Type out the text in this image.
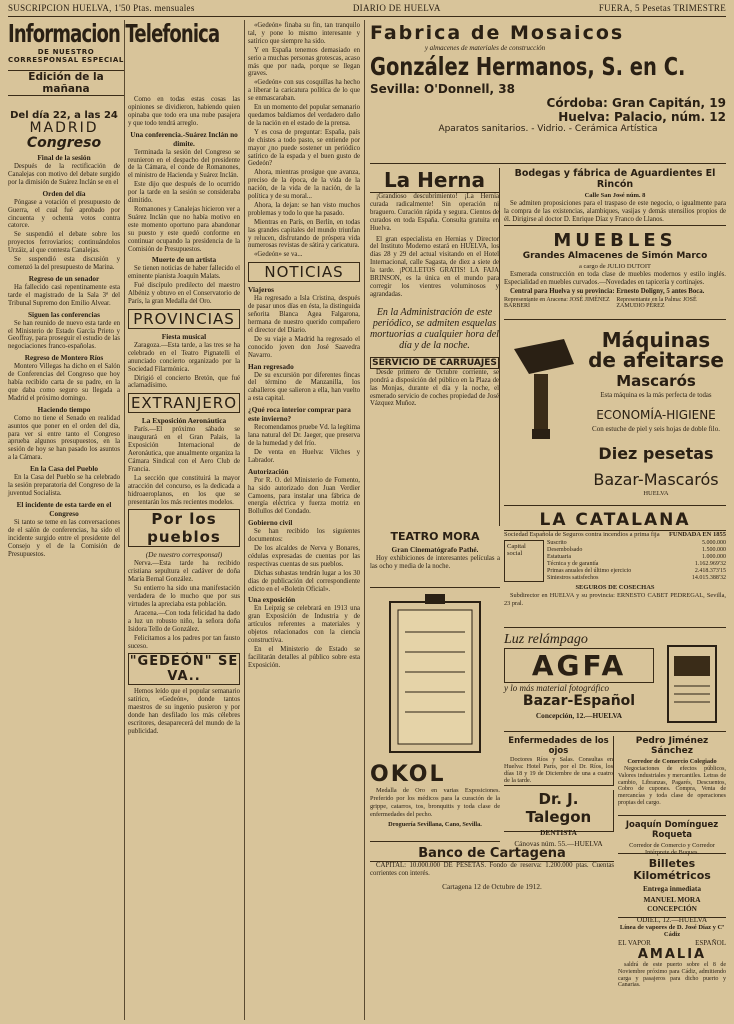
SUSCRIPCION HUELVA, 1'50 Ptas. mensuales	DIARIO DE HUELVA	FUERA, 5 Pesetas TRIMESTRE
Informacion Telefonica
DE NUESTRO CORRESPONSAL ESPECIAL
Edición de la mañana
Del día 22, a las 24
MADRID
Congreso
Final de la sesión

Después de la rectificación de Canalejas con motivo del debate surgido por la dimisión de Suárez Inclán se en el

Orden del día

Póngase a votación el presupuesto de Guerra, el cual fué aprobado por cincuenta y ochenta votos contra catorce.

Se suspendió el debate sobre los proyectos ferroviarios; continuándolos Urzáiz, al que contesta Canalejas.

Se suspendió esta discusión y comenzó la del presupuesto de Marina.

Regreso de un senador

Ha fallecido casi repentinamente esta tarde el magistrado de la Sala 3ª del Tribunal Supremo don Emilio Alvear.

Siguen las conferencias

Se han reunido de nuevo esta tarde en el Ministerio de Estado García Prieto y Geoffray, para proseguir el estudio de las negociaciones franco-españolas.

Regreso de Montero Ríos

Montero Villegas ha dicho en el Salón de Conferencias del Congreso que hoy había recibido carta de su padre, en la que daba como seguro su llegada a Madrid el próximo domingo.

Haciendo tiempo

Como no tiene el Senado en realidad asuntos que poner en el orden del día, para ver si entre tanto el Congreso aprueba algunos presupuestos, en la sesión de hoy se han pasado los asuntos a la Cámara.

En la Casa del Pueblo

En la Casa del Pueblo se ha celebrado la sesión preparatoria del Congreso de la juventud Socialista.

El incidente de esta tarde en el Congreso

Si tanto se teme en las conversaciones de el salón de conferencias, ha sido el incidente surgido entre el presidente del Consejo y el de la Comisión de Presupuestos.

Como en todas estas cosas las opiniones se dividieron, habiendo quien opinaba que todo era una nube pasajera y que todo tendrá arreglo.

Una conferencia.-Suárez Inclán no dimite.

Terminada la sesión del Congreso se reunieron en el despacho del presidente de la Cámara, el conde de Romanones, el ministro de Hacienda y Suárez Inclán.

Este dijo que después de lo ocurrido por la tarde en la sesión se consideraba dimitido.

Romanones y Canalejas hicieron ver a Suárez Inclán que no había motivo en este momento oportuno para abandonar su puesto y este quedó conforme en continuar ocupando la presidencia de la Comisión de Presupuestos.

Muerte de un artista

Se tienen noticias de haber fallecido el eminente pianista Joaquín Malats.

Fué discípulo predilecto del maestro Albéniz y obtuvo en el Conservatorio de París, la gran Medalla del Oro.

PROVINCIAS
Fiesta musical

Zaragoza.—Esta tarde, a las tres se ha celebrado en el Teatro Pignatelli el anunciado concierto organizado por la Sociedad Filarmónica.

Dirigió el concierto Bretón, que fué aclamadísimo.

EXTRANJERO
La Exposición Aeronáutica

París.—El próximo sábado se inaugurará en el Gran Palais, la Exposición Internacional de Aeronáutica, que anualmente organiza la Cámara Sindical con el Aero Club de Francia.

La sección que constituirá la mayor atracción del concurso, es la dedicada a hidroaeroplanos, en los que se presentarán los más recientes modelos.

Por los pueblos
(De nuestro corresponsal)

Nerva.—Esta tarde ha recibido cristiana sepultura el cadáver de doña María Bernal González.

Su entierro ha sido una manifestación verdadera de lo mucho que por sus virtudes la apreciaba esta población.

Aracena.—Con toda felicidad ha dado a luz un robusto niño, la señora doña Isidora Tello de González.

Felicitamos a los padres por tan fausto suceso.

"GEDEÓN" SE VA..

Hemos leído que el popular semanario satírico, «Gedeón», donde tantos maestros de su ingenio pusieron y por donde han desfilado los más célebres escritores, desaparecerá del mundo de la publicidad.

«Gedeón» finaba su fin, tan tranquilo tal, y pone lo mismo interesante y satírico que siempre ha sido.

Y en España tenemos demasiado en serio a muchas personas grotescas, acaso más que por nada, porque se llegan graves.

«Gedeón» con sus cosquillas ha hecho a liberar la caricatura política de lo que se enmascaraban.

En un momento del popular semanario quedamos baldíamos del verdadero daño de la nación en el estado de la prensa.

Y es cosa de preguntar: España, país de chistes a todo pasto, se entiende por mayor ¿no puede sostener un periódico satírico de la espada y el buen gusto de Gedeón?

Ahora, mientras prosigue que avanza, preciso de la época, de la vida de la nación, de la vida de la nación, de la política y de su moral...

Ahora, la dejan: se han visto muchos problemas y todo lo que ha pasado.

Mientras en París, en Berlín, en todas las grandes capitales del mundo triunfan y relucen, disfrutando de próspera vida numerosas revistas de sátira y caricatura.

«Gedeón» se va...

NOTICIAS
Viajeros

Ha regresado a Isla Cristina, después de pasar unos días en ésta, la distinguida señorita Blanca Agea Falgarona, hermana de nuestro querido compañero el director del Diario.

De su viaje a Madrid ha regresado el conocido joven don José Saavedra Navarro.

Han regresado

De su excursión por diferentes fincas del término de Manzanilla, los caballeros que salieron a ella, han vuelto a esta capital.

¿Qué roca interior comprar para este invierno?

Recomendamos pruebe Vd. la legítima lana natural del Dr. Jaeger, que preserva de la humedad y del frío.

De venta en Huelva: Vilches y Labrador.

Autorización

Por R. O. del Ministerio de Fomento, ha sido autorizado don Juan Verdier Camoens, para instalar una fábrica de energía eléctrica y fuerza motriz en Bollullos del Condado.

Gobierno civil

Se han recibido los siguientes documentos:

De los alcaldes de Nerva y Bonares, cédulas expresadas de cuentas por las respectivas cuentas de sus pueblos.

Dichas subastas tendrán lugar a los 30 días de publicación del correspondiente edicto en el «Boletín Oficial».

Una exposición

En Leipzig se celebrará en 1913 una gran Exposición de Industria y de artículos referentes a materiales y objetos relacionados con la ciencia constructiva.

En el Ministerio de Estado se facilitarán detalles al público sobre esta Exposición.

Fabrica de Mosaicos
y almacenes de materiales de construcción
González Hermanos, S. en C.
Sevilla: O'Donnell, 38
Córdoba: Gran Capitán, 19
Huelva: Palacio, núm. 12
Aparatos sanitarios. - Vidrio. - Cerámica Artística
La Herna

¡Grandioso descubrimiento! ¡La Hernia curada radicalmente! Sin operación ni braguero. Curación rápida y segura. Cientos de curados en toda España. Consulta gratuita en Huelva.

El gran especialista en Hernias y Director del Instituto Moderno estará en HUELVA, los días 28 y 29 del actual visitando en el Hotel Internacional, calle Sagasta, de diez a siete de la tarde. ¡POLLETOS GRATIS! LA FAJA BRINSON, es la única en el mundo para corregir los vientres voluminosos y agrandadas.

En la Administración de este periódico, se admiten esquelas mortuorias a cualquier hora del día y de la noche.
SERVICIO DE CARRUAJES

Desde primero de Octubre corriente, se pondrá a disposición del público en la Plaza de las Monjas, durante el día y la noche, el esmerado servicio de coches propiedad de José Vázquez Muñoz.

Bodegas y fábrica de Aguardientes El Rincón
Calle San José núm. 8

Se admiten proposiciones para el traspaso de este negocio, o igualmente para la compra de las existencias, alambiques, vasijas y demás utensilios propios de él. Dirigirse al doctor D. Enrique Díaz y Franco de Llanos.

MUEBLES
Grandes Almacenes de Simón Marco
a cargo de JULIO DUTOIT

Esmerada construcción en toda clase de muebles modernos y estilo inglés. Especialidad en muebles curvados.—Novedades en tapicería y cortinajes.

Central para Huelva y su provincia: Ernesto Doligny, 5 antes Boca.

Representante en Aracena: JOSÉ JIMÉNEZ BARBERÍ
Representante en la Palma: JOSÉ ZAMUDIO PÉREZ
Máquinas de afeitarse
Mascarós
Esta máquina es la más perfecta de todas
ECONOMÍA-HIGIENE
Con estuche de piel y seis hojas de doble filo.
Diez pesetas
Bazar-Mascarós
HUELVA
TEATRO MORA
Gran Cinematógrafo Pathé.

Hoy exhibiciones de interesantes películas a las ocho y media de la noche.

LA CATALANA
Sociedad Española de Seguros contra incendios a prima fija FUNDADA EN 1855
Capital social
Suscrito	5.000.000
Desembolsado	1.500.000
Estatuaria	1.000.000
Técnica y de garantía	1.162.969'32
Primas anuales del último ejercicio	2.418.373'15
Siniestros satisfechos	14.015.388'32
SEGUROS DE COSECHAS

Subdirector en HUELVA y su provincia: ERNESTO CABET PEDREGAL, Sevilla, 23 pral.

Luz relámpago
AGFA
y lo más material fotográfico
Bazar-Español
Concepción, 12.—HUELVA
OKOL

Medalla de Oro en varias Exposiciones. Preferido por los médicos para la curación de la grippe, catarros, tos, bronquitis y toda clase de enfermedades del pecho.

Droguería Sevillana, Cano, Sevilla.
Enfermedades de los ojos

Doctores Ríos y Salas. Consultas en Huelva: Hotel París, por el Dr. Ríos, los días 18 y 19 de Diciembre de una a cuatro de la tarde.

Dr. J. Talegon
DENTISTA
Cánovas núm. 55.—HUELVA
Banco de Cartagena

CAPITAL: 10.000.000 DE PESETAS. Fondo de reserva: 1.200.000 ptas. Cuentas corrientes con interés.

Cartagena 12 de Octubre de 1912.
Pedro Jiménez Sánchez
Corredor de Comercio Colegiado

Negociaciones de efectos públicos, Valores industriales y mercantiles. Letras de cambio, Libranzas, Pagarés, Descuentos, Cobro de cupones. Compra, Venta de mercancías y toda clase de operaciones propias del cargo.

Joaquín Domínguez Roqueta
Corredor de Comercio y Corredor Intérprete de Buques.
Billetes Kilométricos
Entrega inmediata
MANUEL MORA CONCEPCIÓN
ODIEL, 12.—HUELVA
Línea de vapores de D. José Díaz y Cª Cádiz
EL VAPOR	ESPAÑOL
AMALIA

saldrá de este puerto sobre el 8 de Noviembre próximo para Cádiz, admitiendo carga y pasajeros para dicho puerto y Canarias.
